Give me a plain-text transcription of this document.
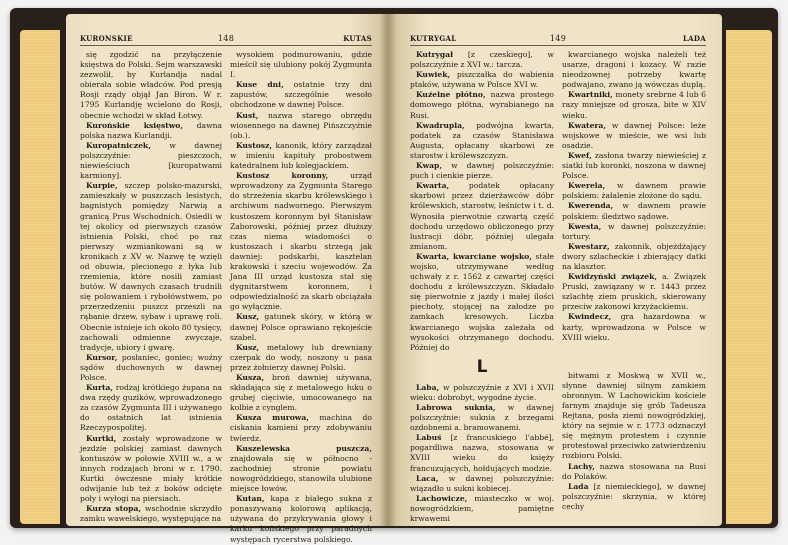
KURONSKIE	148	KUTAS

się zgodzić na przyłączenie księstwa do Polski. Sejm warszawski zezwolił, by Kurlandja nadal obierała sobie władców. Pod presją Rosji rządy objął Jan Biron. W r. 1795 Kurlandję wcielono do Rosji, obecnie wchodzi w skład Łotwy.

Kurońskie księstwo, dawna polska nazwa Kurlandji.

Kuropatniczek, w dawnej polszczyźnie: pieszczoch, niewieściuch [kuropatwami karmiony].

Kurpie, szczep polsko-mazurski, zamieszkały w puszczach lesistych, bagnistych pomiędzy Narwią a granicą Prus Wschodnich. Osiedli w tej okolicy od pierwszych czasów istnienia Polski, choć po raz pierwszy wzmiankowani są w kronikach z XV w. Nazwę tę wzięli od obuwia, plecionego z łyka lub rzemienia, które nosili zamiast butów. W dawnych czasach trudnili się polowaniem i rybołówstwem, po przerzedzeniu puszcz przeszli na rąbanie drzew, sybaw i uprawę roli. Obecnie istnieje ich około 80 tysięcy, zachowali odmienne zwyczaje, tradycje, ubiory i gwarę.

Kursor, posłaniec, goniec; woźny sądów duchownych w dawnej Polsce.

Kurta, rodzaj krótkiego żupana na dwa rzędy guzików, wprowadzonego za czasów Zygmunta III i używanego do ostatnich lat istnienia Rzeczypospolitej.

Kurtki, zostały wprowadzone w jezdzie polskiej zamiast dawnych kontuszów w połowie XVIII w., a w innych rodzajach broni w r. 1790. Kurtki ówczesne miały krótkie odwijanie lub też z boków odcięte poły i wyłogi na piersiach.

Kurza stopa, wschodnie skrzydło zamku wawelskiego, występujące na

wysokiem podmurowaniu, gdzie mieścił się ulubiony pokój Zygmunta I.

Kuse dni, ostatnie trzy dni zapustów, szczególnie wesoło obchodzone w dawnej Polsce.

Kust, nazwa starego obrzędu wiosennego na dawnej Pińszczyźnie (ob.).

Kustosz, kanonik, który zarządzał w imieniu kapituły probostwem katedralnem lub kolegjackiem.

Kustosz koronny, urząd wprowadzony za Zygmunta Starego do strzeżenia skarbu królewskiego i archiwum nadwornego. Pierwszym kustoszem koronnym był Stanisław Zaborowski, później przez dłuższy czas niema wiadomości o kustoszach i skarbu strzegą jak dawniej: podskarbi, kasztelan krakowski i szeciu wojewodów. Za Jana III urząd kustosza stał się dygnitarstwem koronnem, i odpowiedzialność za skarb obciążała go wyłącznie.

Kusz, gatunek skóry, w którą w dawnej Polsce oprawiano rękojeście szabel.

Kusz, metalowy lub drewniany czerpak do wody, noszony u pasa przez żołnierzy dawnej Polski.

Kusza, broń dawniej używana, składająca się z metalowego łuku o grubej cięciwie, umocowanego na kolbie z cynglem.

Kusza murowa, machina do ciskania kamieni przy zdobywaniu twierdz.

Kuszelewska puszcza, znajdowała się w północno - zachodniej stronie powiatu nowogródzkiego, stanowiła ulubione miejsce łowów.

Kutan, kapa z białego sukna z ponaszywaną kolorową aplikacją, używana do przykrywania głowy i karku końskiego przy paradnych występach rycerstwa polskiego.

KUTRYGAL	149	LADA

Kutrygał [z czeskiego], w polszczyźnie z XVI w.: tarcza.

Kuwiek, piszczałka do wabienia ptaków, używana w Polsce XVI w.

Kuźelne płótno, nazwa prostego domowego płótna, wyrabianego na Rusi.

Kwadrupla, podwójna kwarta, podatek za czasów Stanisława Augusta, opłacany skarbowi ze starostw i królewszczyzn.

Kwap, w dawnej polszczyźnie: puch i cienkie pierze.

Kwarta, podatek opłacany skarbowi przez dzierżawców dóbr królewskich, starostw, leśnictw i t. d. Wynosiła pierwotnie czwartą część dochodu urzędowo obliczonego przy lustracji dóbr, później ulegała zmianom.

Kwarta, kwarciane wojsko, stałe wojsko, utrzymywane według uchwały z r. 1562 z czwartej części dochodu z królewszczyzn. Składało się pierwotnie z jazdy i małej ilości piechoty, stojącej na załodze po zamkach kresowych. Liczba kwarcianego wojska zależała od wysokości otrzymanego dochodu. Później do

L

Laba, w polszczyźnie z XVI i XVII wieku: dobrobyt, wygodne życie.

Labrowa suknia, w dawnej polszczyźnie: suknia z brzegami ozdobnemi a. bramowanemi.

Labuś [z francuskiego l'abbé], pogardliwa nazwa, stosowana w XVIII wieku do księży francuzujących, hołdujących modzie.

Laca, w dawnej polszczyźnie: wiązadło u sukni kobiecej.

Lachowicze, miasteczko w woj. nowogródzkiem, pamiętne krwawemi

kwarcianego wojska należeli też usarze, dragoni i kozacy. W razie nieodzownej potrzeby kwartę podwajano, zwano ją wówczas duplą.

Kwartniki, monety srebrne 4 lub 6 razy mniejsze od grosza, bite w XIV wieku.

Kwatera, w dawnej Polsce: leże wojskowe w mieście, we wsi lub osadzie.

Kwef, zasłona twarzy niewieściej z siatki lub koronki, noszona w dawnej Polsce.

Kwerela, w dawnem prawie polskiem: żałalenie złożone do sądu.

Kwerenda, w dawnem prawie polskiem: śledztwo sądowe.

Kwesta, w dawnej polszczyźnie: tortury.

Kwestarz, zakonnik, objeżdżający dwory szlacheckie i zbierający datki na klasztor.

Kwidzyński związek, a. Związek Pruski, zawiązany w r. 1443 przez szlachtę ziem pruskich, skierowany przeciw zakonowi krzyżackiemu.

Kwindecz, gra hazardowna w karty, wprowadzona w Polsce w XVIII wieku.

bitwami z Moskwą w XVII w., słynne dawniej silnym zamkiem obronnym. W Lachowickim kościele farnym znajduje się grób Tadeusza Rejtana, posła ziemi nowogródzkiej, który na sejmie w r. 1773 odznaczył się mężnym protestem i czynnie protestował przeciwko zatwierdzeniu rozbioru Polski.

Lachy, nazwa stosowana na Rusi do Polaków.

Lada [z niemieckiego], w dawnej polszczyźnie: skrzynia, w której cechy
